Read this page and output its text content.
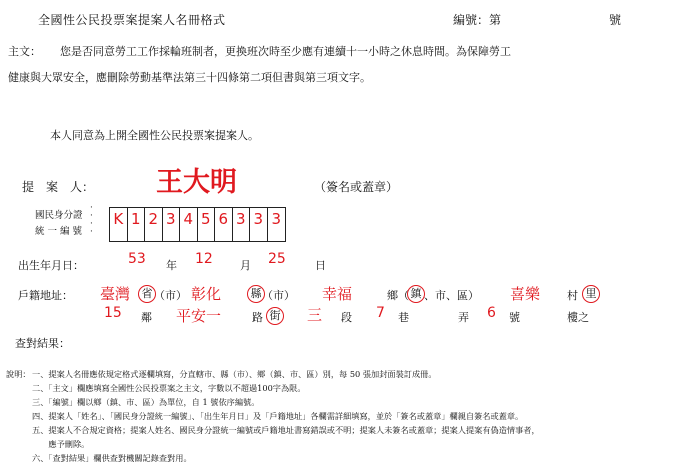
全國性公民投票案提案人名冊格式	編號：第	號
主文： 您是否同意勞工工作採輪班制者，更換班次時至少應有連續十一小時之休息時間。為保障勞工
健康與大眾安全，應刪除勞動基準法第三十四條第二項但書與第三項文字。
本人同意為上開全國性公民投票案提案人。
提　案　人： 王大明	（簽名或蓋章）
國民身分證
統 一 編 號
·
·
·
·
K 1 2 3 4 5 6 3 3 3
出生年月日：	53 年 12 月 25	日
戶籍地址： 臺灣	省 （市） 彰化	縣 （市） 幸福	鄉 （ 鎮 、市、區） 喜樂 村 里
15 鄰 平安一	路 街	三 段 7 巷	弄 6 號	樓之
查對結果：
說明： 一、提案人名冊應依規定格式逐欄填寫，分直轄市、縣（市）、鄉（鎮、市、區）別，每 50 張加封面裝訂成冊。
二、「主文」欄應填寫全國性公民投票案之主文，字數以不超過100字為限。
三、「編號」欄以鄉（鎮、市、區）為單位，自 1 號依序編號。
四、提案人「姓名」、「國民身分證統一編號」、「出生年月日」及「戶籍地址」各欄需詳細填寫，並於「簽名或蓋章」欄親自簽名或蓋章。
五、提案人不合規定資格；提案人姓名、國民身分證統一編號或戶籍地址書寫錯誤或不明；提案人未簽名或蓋章；提案人提案有偽造情事者，
　　應予刪除。
六、「查對結果」欄供查對機關記錄查對用。
